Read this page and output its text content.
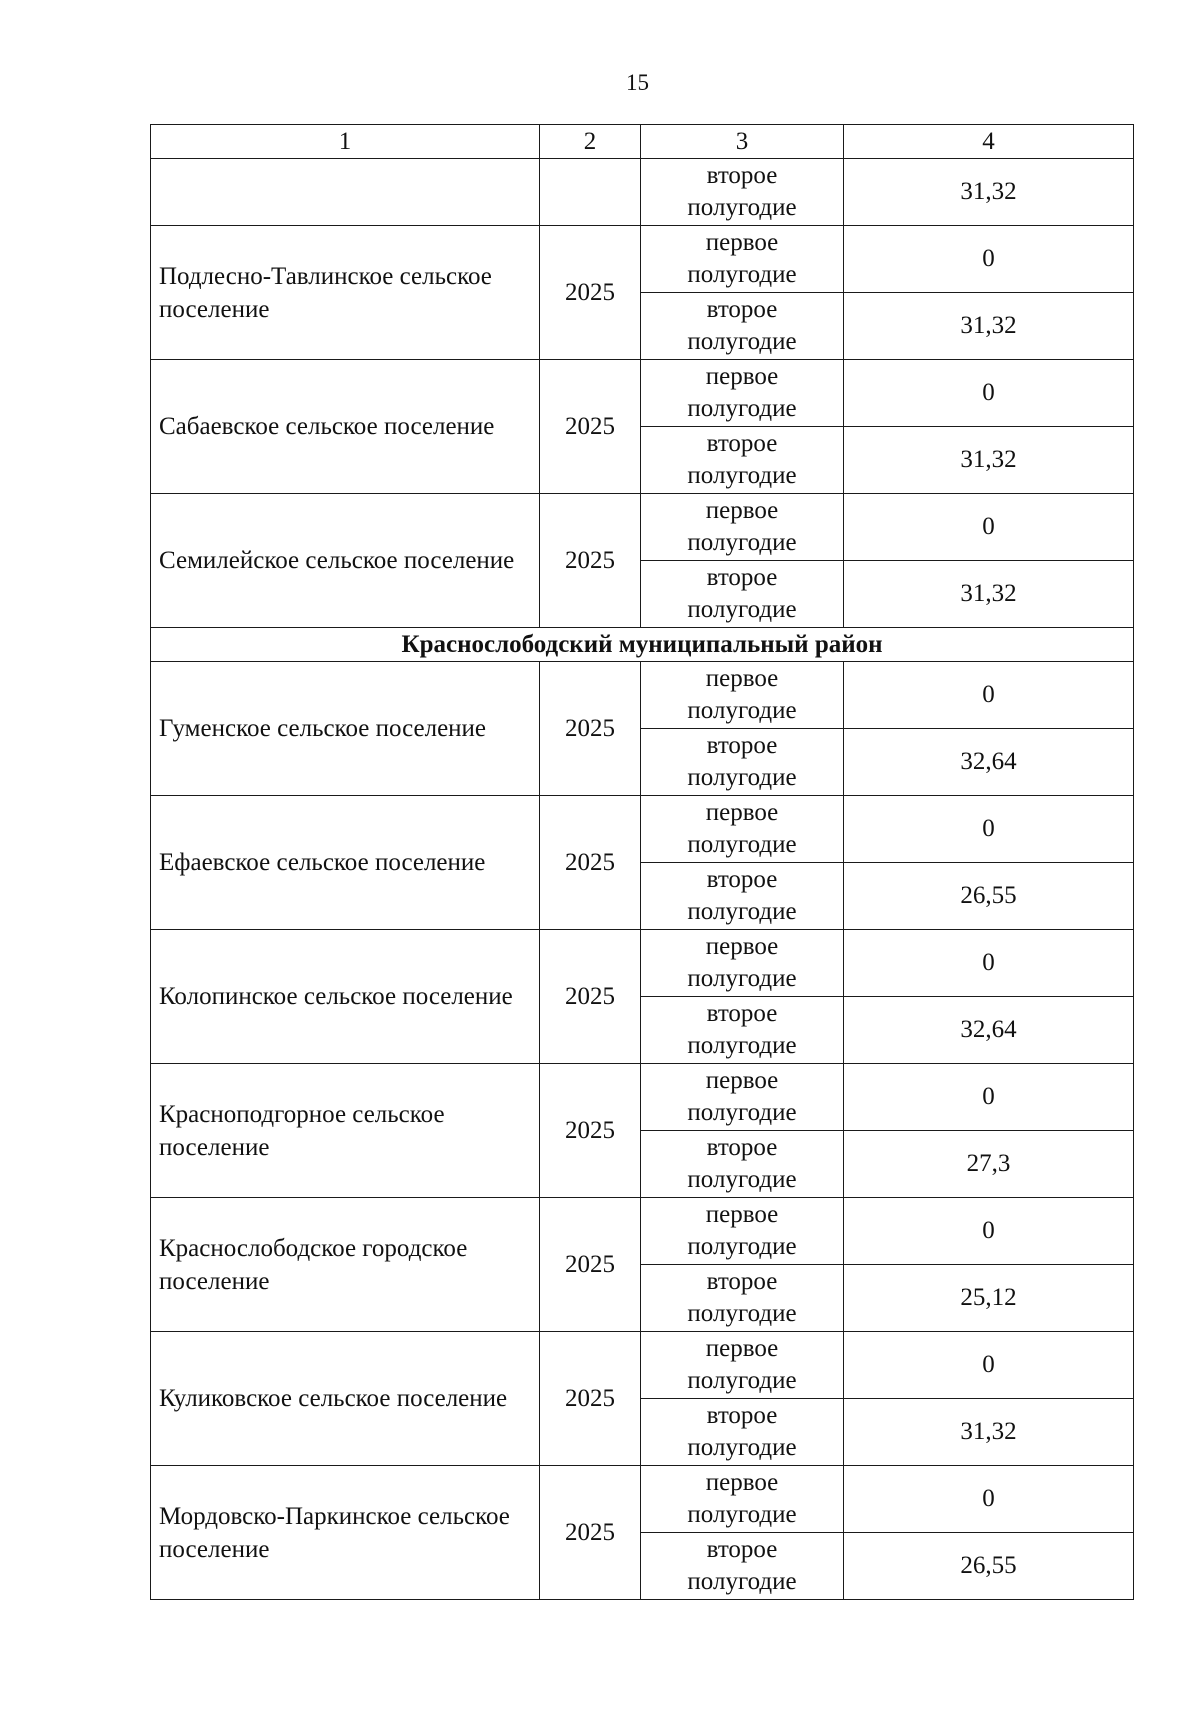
15
1	2	3	4
		второе полугодие	31,32
Подлесно-Тавлинское сельское поселение	2025	первое полугодие	0
		второе полугодие	31,32
Сабаевское сельское поселение	2025	первое полугодие	0
		второе полугодие	31,32
Семилейское сельское поселение	2025	первое полугодие	0
		второе полугодие	31,32
Краснослободский муниципальный район			
Гуменское сельское поселение	2025	первое полугодие	0
		второе полугодие	32,64
Ефаевское сельское поселение	2025	первое полугодие	0
		второе полугодие	26,55
Колопинское сельское поселение	2025	первое полугодие	0
		второе полугодие	32,64
Красноподгорное сельское поселение	2025	первое полугодие	0
		второе полугодие	27,3
Краснослободское городское поселение	2025	первое полугодие	0
		второе полугодие	25,12
Куликовское сельское поселение	2025	первое полугодие	0
		второе полугодие	31,32
Мордовско-Паркинское сельское поселение	2025	первое полугодие	0
		второе полугодие	26,55
